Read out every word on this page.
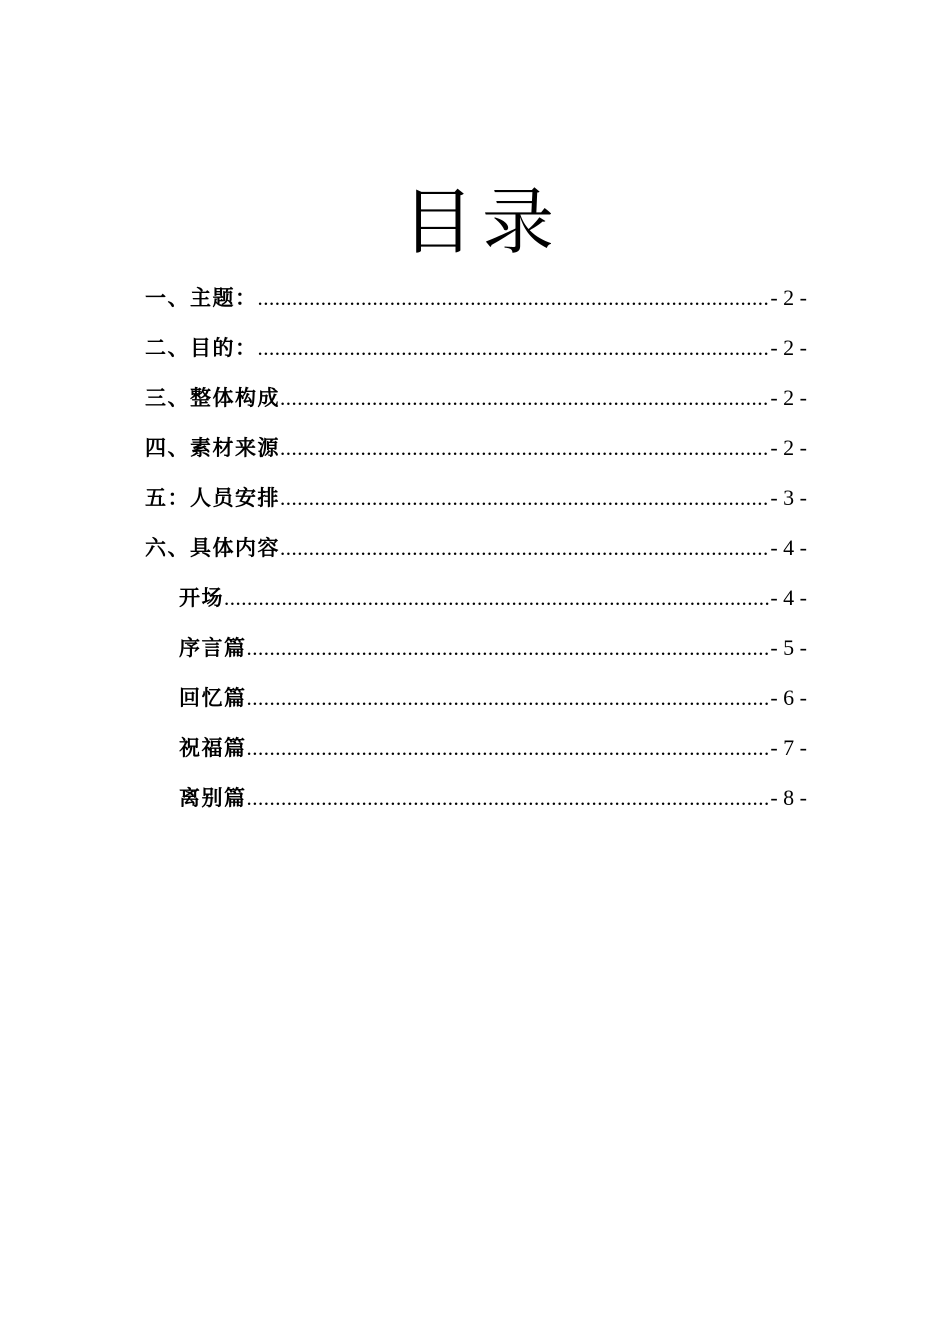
目录
一、主题： .....	- 2 -
二、目的： .....	- 2 -
三、整体构成 .....	- 2 -
四、素材来源 .....	- 2 -
五：人员安排 .....	- 3 -
六、具体内容 .....	- 4 -
开场 .....	- 4 -
序言篇 .....	- 5 -
回忆篇 .....	- 6 -
祝福篇 .....	- 7 -
离别篇 .....	- 8 -
